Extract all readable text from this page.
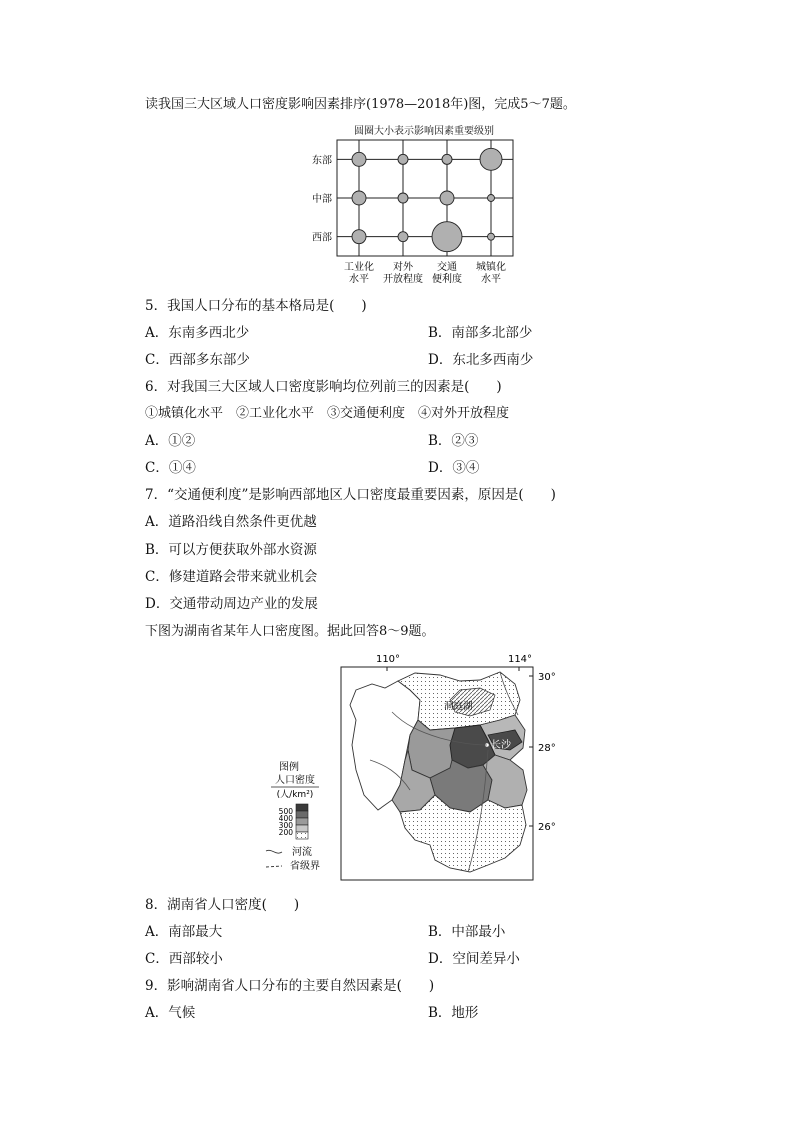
读我国三大区域人口密度影响因素排序(1978—2018年)图，完成5～7题。
圆圈大小表示影响因素重要级别
东部
中部
西部
工业化
水平
对外
开放程度
交通
便利度
城镇化
水平
5．我国人口分布的基本格局是(　　)
A．东南多西北少	B．南部多北部少
C．西部多东部少	D．东北多西南少
6．对我国三大区域人口密度影响均位列前三的因素是(　　)
①城镇化水平　②工业化水平　③交通便利度　④对外开放程度
A．①②	B．②③
C．①④	D．③④
7．“交通便利度”是影响西部地区人口密度最重要因素，原因是(　　)
A．道路沿线自然条件更优越
B．可以方便获取外部水资源
C．修建道路会带来就业机会
D．交通带动周边产业的发展
下图为湖南省某年人口密度图。据此回答8～9题。
110°	114°
30°
28°
26°
洞庭湖
长沙
图例
人口密度
(人/km²)
500
400
300
200
河流
省级界
8．湖南省人口密度(　　)
A．南部最大	B．中部最小
C．西部较小	D．空间差异小
9．影响湖南省人口分布的主要自然因素是(　　)
A．气候	B．地形
